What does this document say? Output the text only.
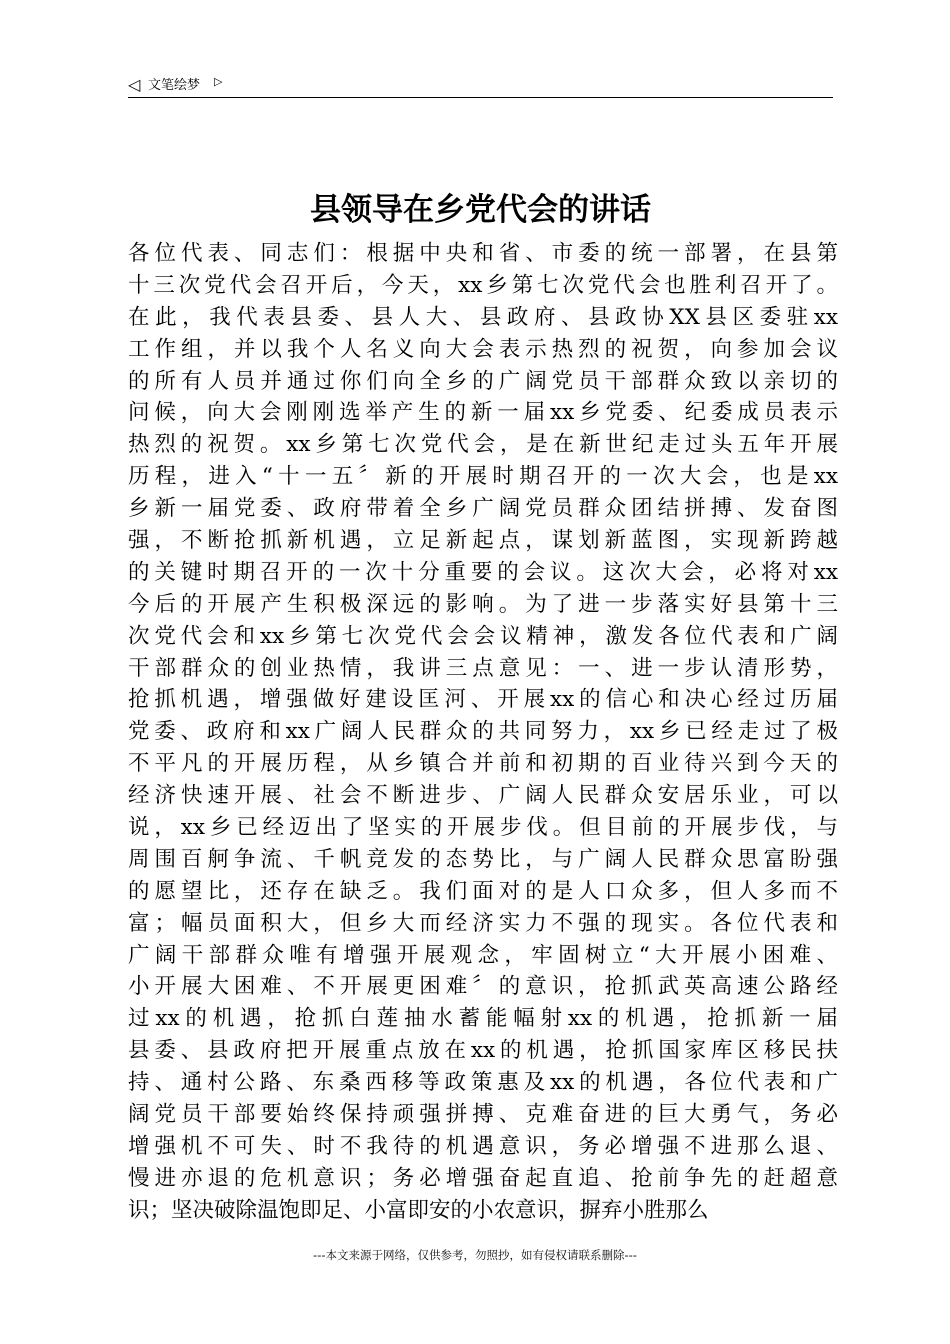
◁ 文笔绘梦 ▷
县领导在乡党代会的讲话
各位代表、同志们：根据中央和省、市委的统一部署，在县第
十三次党代会召开后，今天，xx乡第七次党代会也胜利召开了。
在此，我代表县委、县人大、县政府、县政协XX县区委驻xx
工作组，并以我个人名义向大会表示热烈的祝贺，向参加会议
的所有人员并通过你们向全乡的广阔党员干部群众致以亲切的
问候，向大会刚刚选举产生的新一届xx乡党委、纪委成员表示
热烈的祝贺。xx乡第七次党代会，是在新世纪走过头五年开展
历程，进入“十一五〞新的开展时期召开的一次大会，也是xx
乡新一届党委、政府带着全乡广阔党员群众团结拼搏、发奋图
强，不断抢抓新机遇，立足新起点，谋划新蓝图，实现新跨越
的关键时期召开的一次十分重要的会议。这次大会，必将对xx
今后的开展产生积极深远的影响。为了进一步落实好县第十三
次党代会和xx乡第七次党代会会议精神，激发各位代表和广阔
干部群众的创业热情，我讲三点意见：一、进一步认清形势，
抢抓机遇，增强做好建设匡河、开展xx的信心和决心经过历届
党委、政府和xx广阔人民群众的共同努力，xx乡已经走过了极
不平凡的开展历程，从乡镇合并前和初期的百业待兴到今天的
经济快速开展、社会不断进步、广阔人民群众安居乐业，可以
说，xx乡已经迈出了坚实的开展步伐。但目前的开展步伐，与
周围百舸争流、千帆竞发的态势比，与广阔人民群众思富盼强
的愿望比，还存在缺乏。我们面对的是人口众多，但人多而不
富；幅员面积大，但乡大而经济实力不强的现实。各位代表和
广阔干部群众唯有增强开展观念，牢固树立“大开展小困难、
小开展大困难、不开展更困难〞的意识，抢抓武英高速公路经
过xx的机遇，抢抓白莲抽水蓄能幅射xx的机遇，抢抓新一届
县委、县政府把开展重点放在xx的机遇，抢抓国家库区移民扶
持、通村公路、东桑西移等政策惠及xx的机遇，各位代表和广
阔党员干部要始终保持顽强拼搏、克难奋进的巨大勇气，务必
增强机不可失、时不我待的机遇意识，务必增强不进那么退、
慢进亦退的危机意识；务必增强奋起直追、抢前争先的赶超意
识；坚决破除温饱即足、小富即安的小农意识，摒弃小胜那么
---本文来源于网络，仅供参考，勿照抄，如有侵权请联系删除---
